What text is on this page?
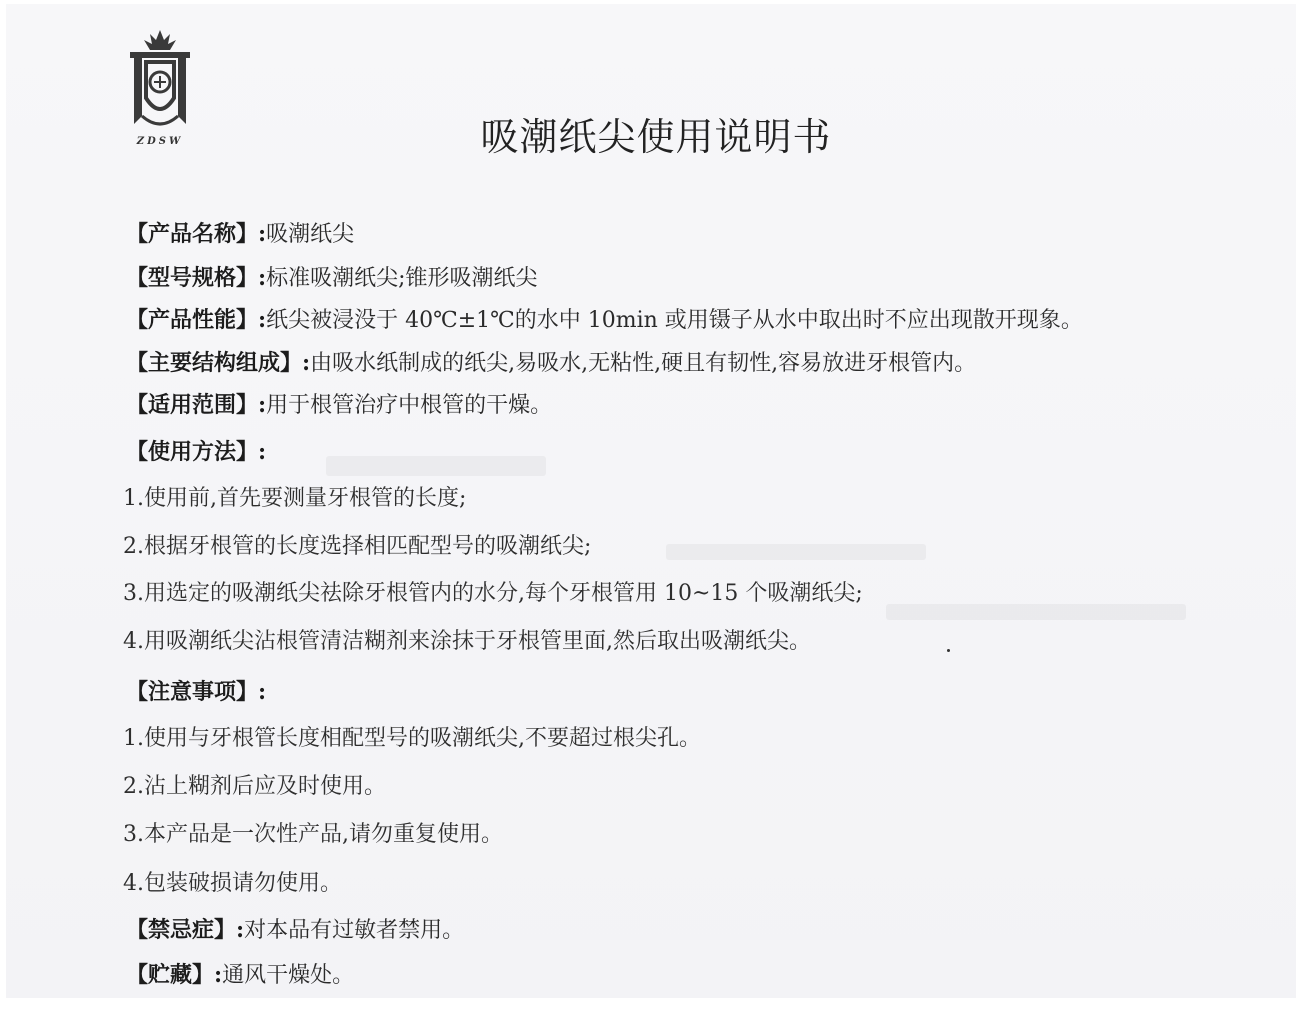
ZDSW	吸潮纸尖使用说明书
【产品名称】:吸潮纸尖
【型号规格】:标准吸潮纸尖;锥形吸潮纸尖
【产品性能】:纸尖被浸没于 40℃±1℃的水中 10min 或用镊子从水中取出时不应出现散开现象。
【主要结构组成】:由吸水纸制成的纸尖,易吸水,无粘性,硬且有韧性,容易放进牙根管内。
【适用范围】:用于根管治疗中根管的干燥。
【使用方法】:
1.使用前,首先要测量牙根管的长度;
2.根据牙根管的长度选择相匹配型号的吸潮纸尖;
3.用选定的吸潮纸尖祛除牙根管内的水分,每个牙根管用 10~15 个吸潮纸尖;
4.用吸潮纸尖沾根管清洁糊剂来涂抹于牙根管里面,然后取出吸潮纸尖。
【注意事项】:
1.使用与牙根管长度相配型号的吸潮纸尖,不要超过根尖孔。
2.沾上糊剂后应及时使用。
3.本产品是一次性产品,请勿重复使用。
4.包装破损请勿使用。
【禁忌症】:对本品有过敏者禁用。
【贮藏】:通风干燥处。
